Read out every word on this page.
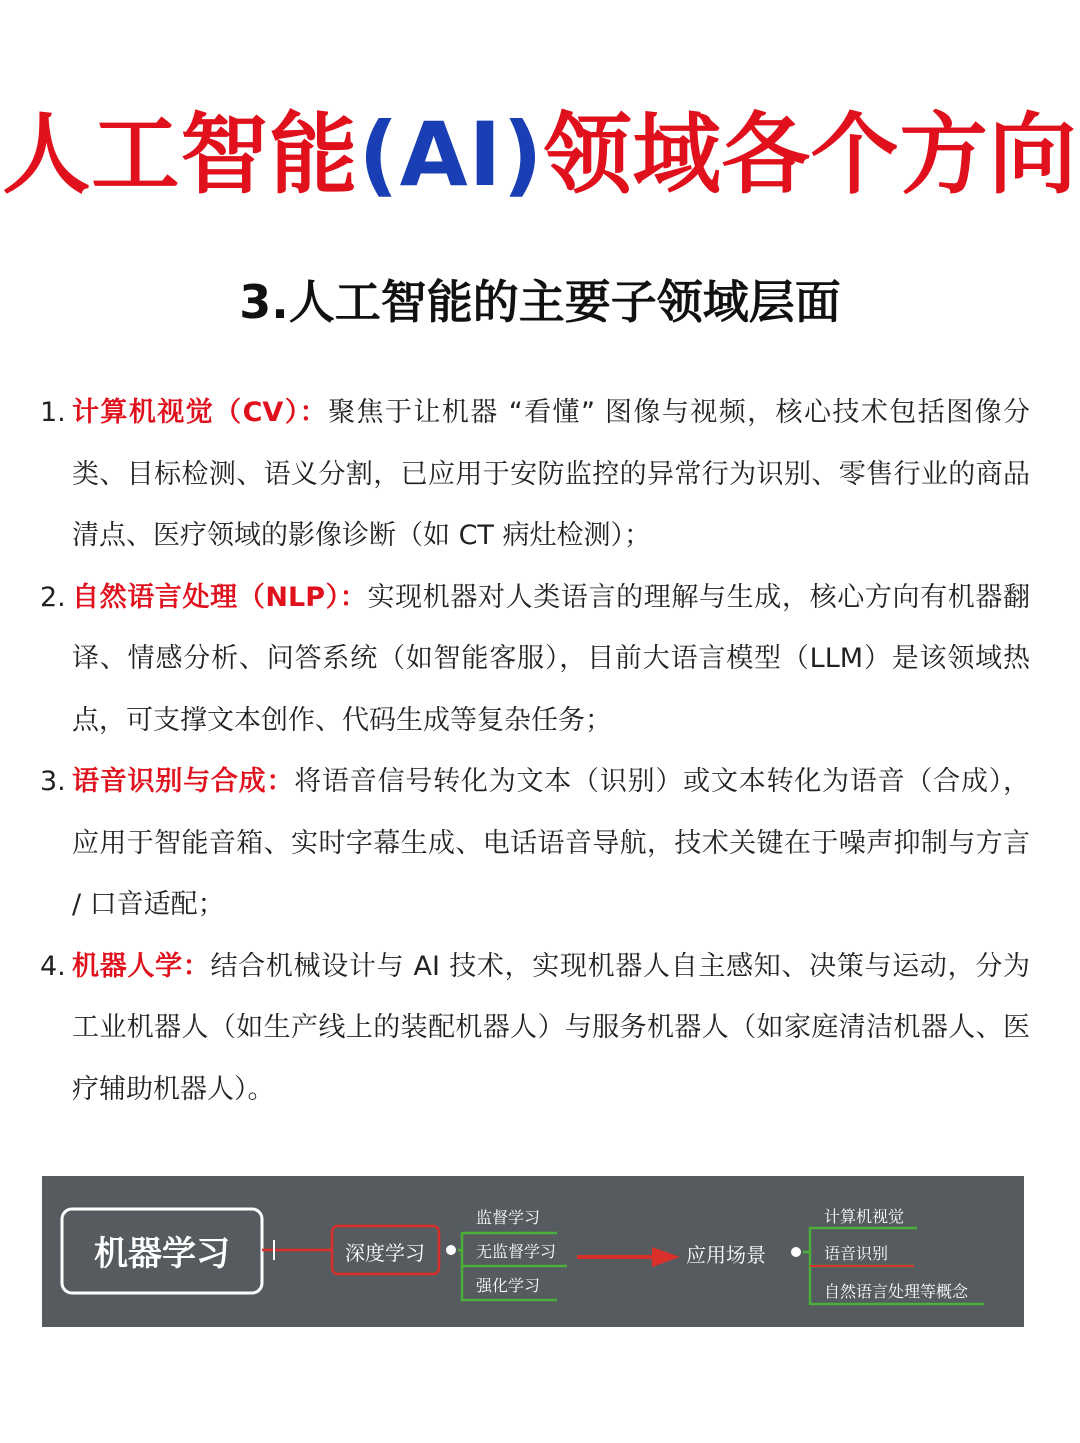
人工智能(AI)领域各个方向
3.人工智能的主要子领域层面
1. 计算机视觉（CV）：聚焦于让机器 “看懂” 图像与视频，核心技术包括图像分类、目标检测、语义分割，已应用于安防监控的异常行为识别、零售行业的商品清点、医疗领域的影像诊断（如 CT 病灶检测）；
2. 自然语言处理（NLP）：实现机器对人类语言的理解与生成，核心方向有机器翻译、情感分析、问答系统（如智能客服），目前大语言模型（LLM）是该领域热点，可支撑文本创作、代码生成等复杂任务；
3. 语音识别与合成：将语音信号转化为文本（识别）或文本转化为语音（合成），应用于智能音箱、实时字幕生成、电话语音导航，技术关键在于噪声抑制与方言 / 口音适配；
4. 机器人学：结合机械设计与 AI 技术，实现机器人自主感知、决策与运动，分为工业机器人（如生产线上的装配机器人）与服务机器人（如家庭清洁机器人、医疗辅助机器人）。
机器学习	深度学习
监督学习
无监督学习
强化学习
应用场景
计算机视觉
语音识别
自然语言处理等概念
